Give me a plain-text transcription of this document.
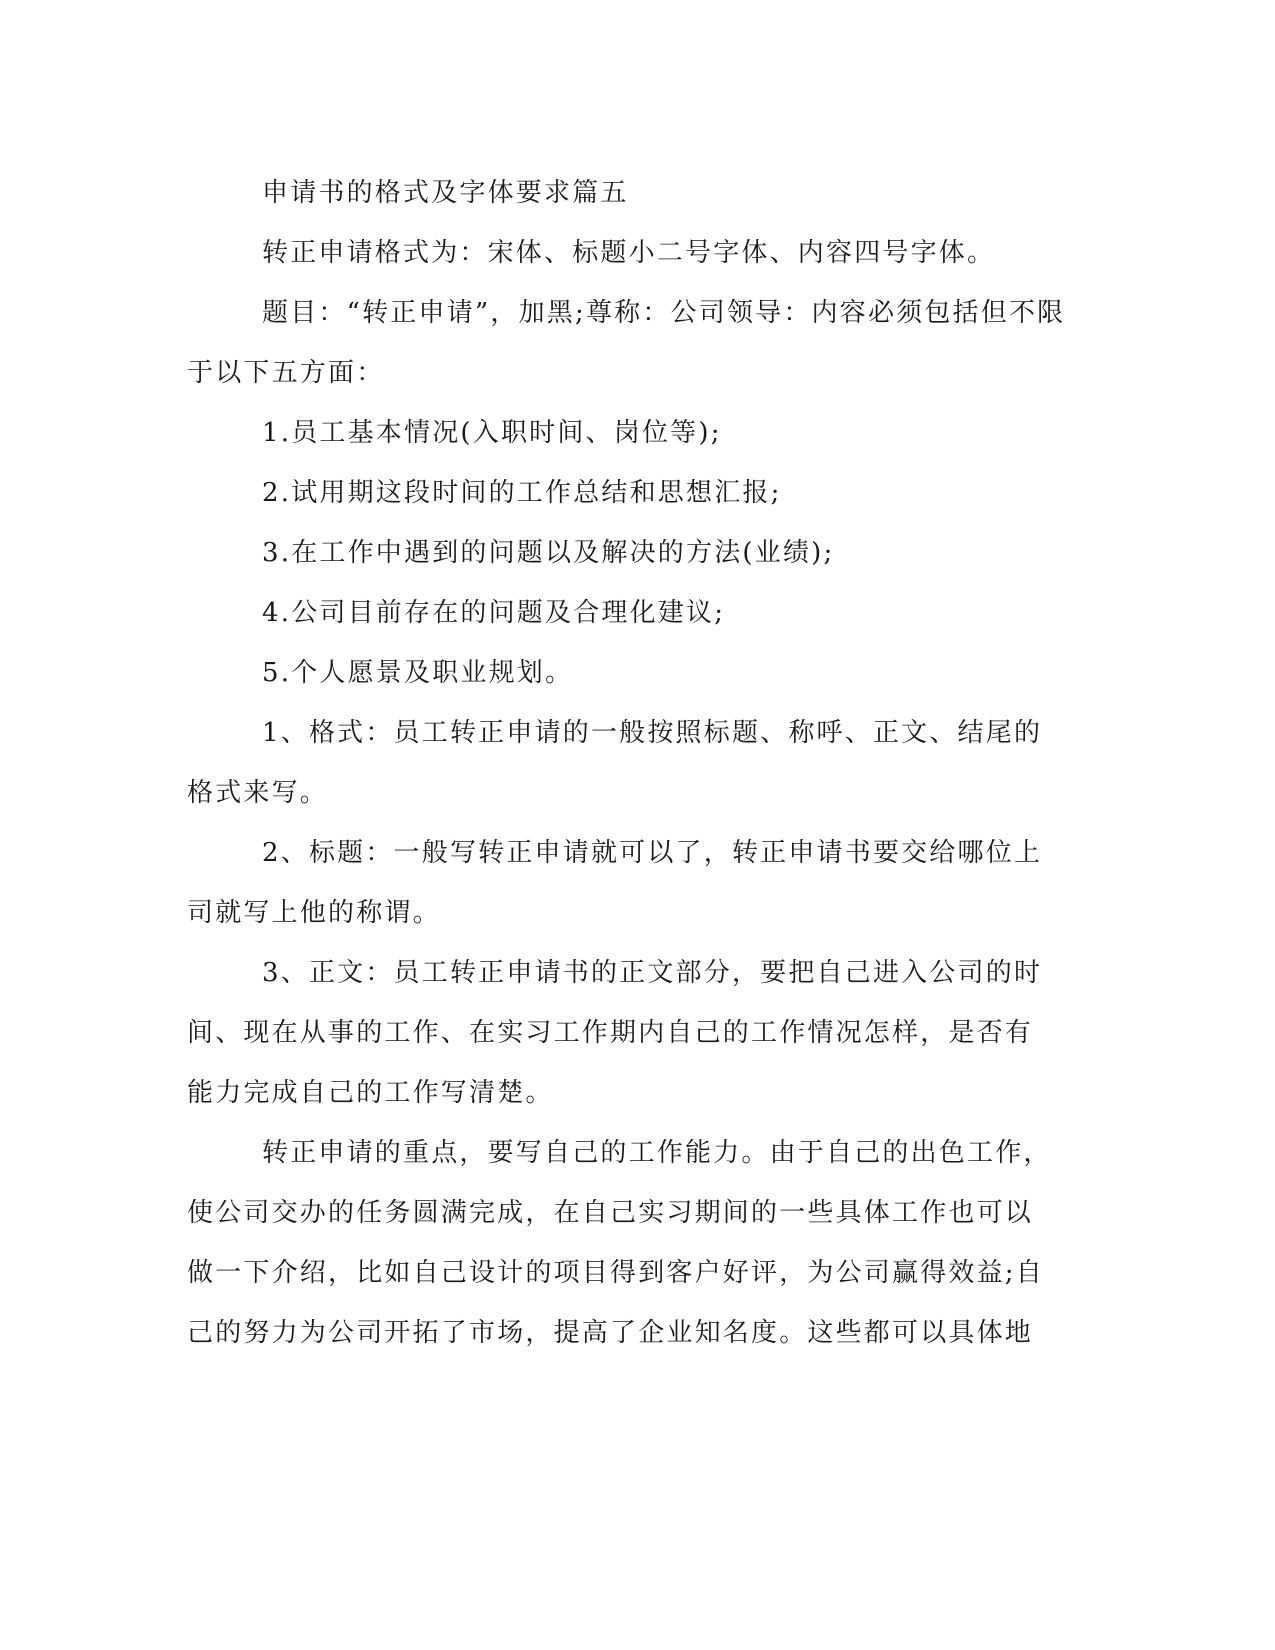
申请书的格式及字体要求篇五
转正申请格式为：宋体、标题小二号字体、内容四号字体。
题目：“转正申请”，加黑;尊称：公司领导：内容必须包括但不限
于以下五方面：
1.员工基本情况(入职时间、岗位等);
2.试用期这段时间的工作总结和思想汇报;
3.在工作中遇到的问题以及解决的方法(业绩);
4.公司目前存在的问题及合理化建议;
5.个人愿景及职业规划。
1、格式：员工转正申请的一般按照标题、称呼、正文、结尾的
格式来写。
2、标题：一般写转正申请就可以了，转正申请书要交给哪位上
司就写上他的称谓。
3、正文：员工转正申请书的正文部分，要把自己进入公司的时
间、现在从事的工作、在实习工作期内自己的工作情况怎样，是否有
能力完成自己的工作写清楚。
转正申请的重点，要写自己的工作能力。由于自己的出色工作，
使公司交办的任务圆满完成，在自己实习期间的一些具体工作也可以
做一下介绍，比如自己设计的项目得到客户好评，为公司赢得效益;自
己的努力为公司开拓了市场，提高了企业知名度。这些都可以具体地
